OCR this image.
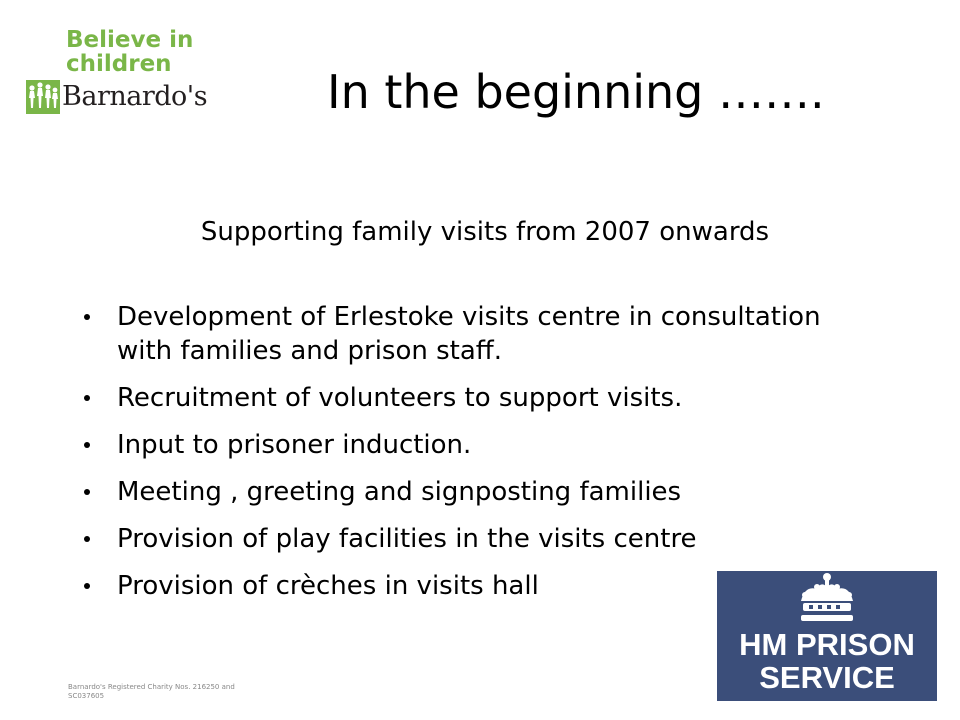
Believe in
children
Barnardo's	In the beginning …….
Supporting family visits from 2007 onwards
Development of Erlestoke visits centre in consultation with families and prison staff.
Recruitment of volunteers to support visits.
Input to prisoner induction.
Meeting , greeting and signposting families
Provision of play facilities in the visits centre
Provision of crèches in visits hall
Barnardo's Registered Charity Nos. 216250 and SC037605
HM PRISON
SERVICE
